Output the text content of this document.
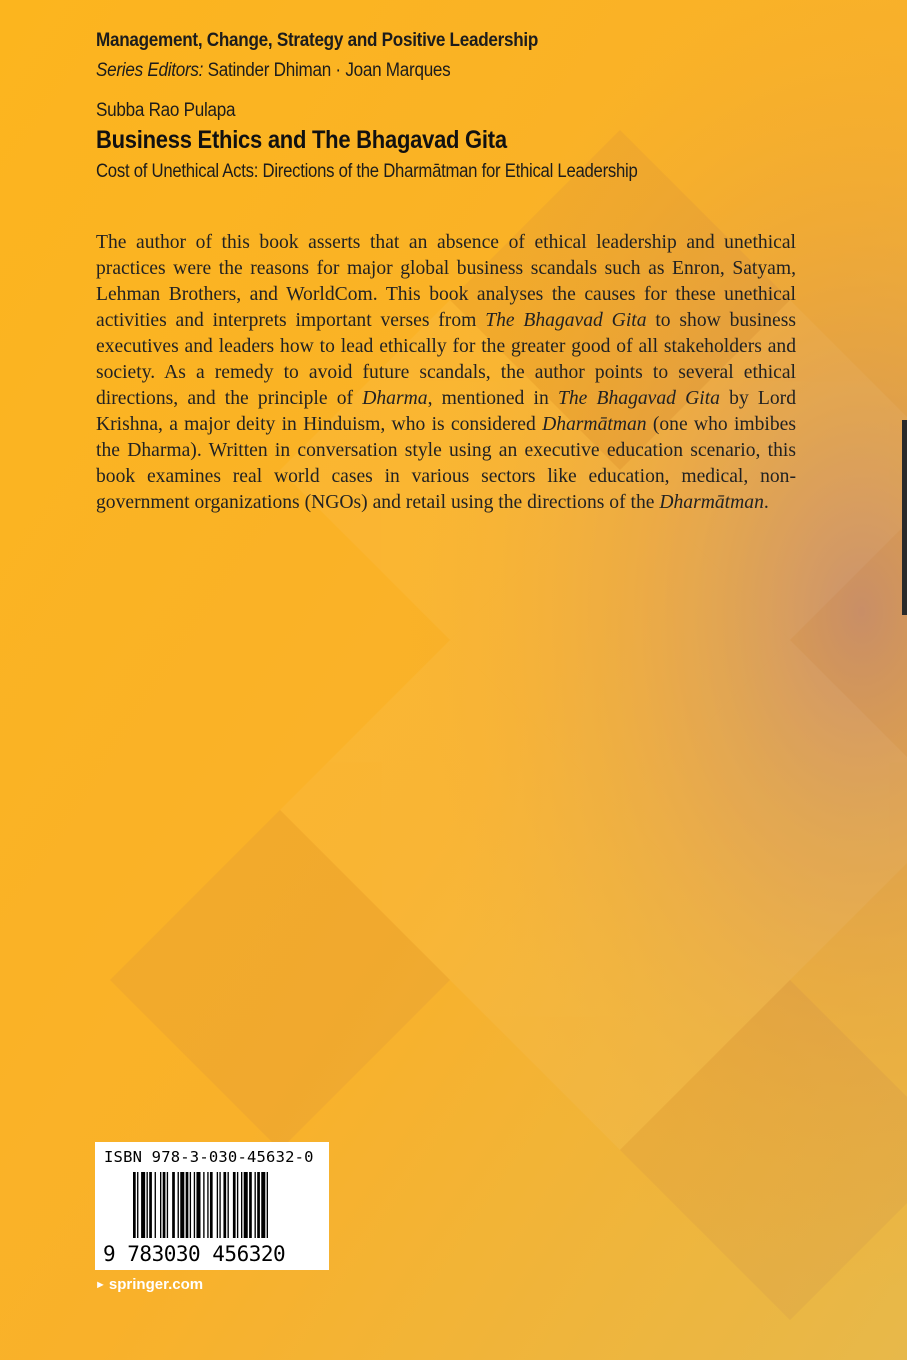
Management, Change, Strategy and Positive Leadership
Series Editors: Satinder Dhiman · Joan Marques
Subba Rao Pulapa
Business Ethics and The Bhagavad Gita
Cost of Unethical Acts: Directions of the Dharmātman for Ethical Leadership

The author of this book asserts that an absence of ethical leadership and unethical practices were the reasons for major global business scandals such as Enron, Satyam, Lehman Brothers, and WorldCom. This book analyses the causes for these unethical activities and interprets important verses from The Bhagavad Gita to show business executives and leaders how to lead ethically for the greater good of all stakeholders and society. As a remedy to avoid future scandals, the author points to several ethical directions, and the principle of Dharma, mentioned in The Bhagavad Gita by Lord Krishna, a major deity in Hinduism, who is considered Dharmātman (one who imbibes the Dharma). Written in conversation style using an executive education scenario, this book examines real world cases in various sectors like education, medical, non-government organizations (NGOs) and retail using the directions of the Dharmātman.

ISBN 978-3-030-45632-0
9 783030 456320
► springer.com
